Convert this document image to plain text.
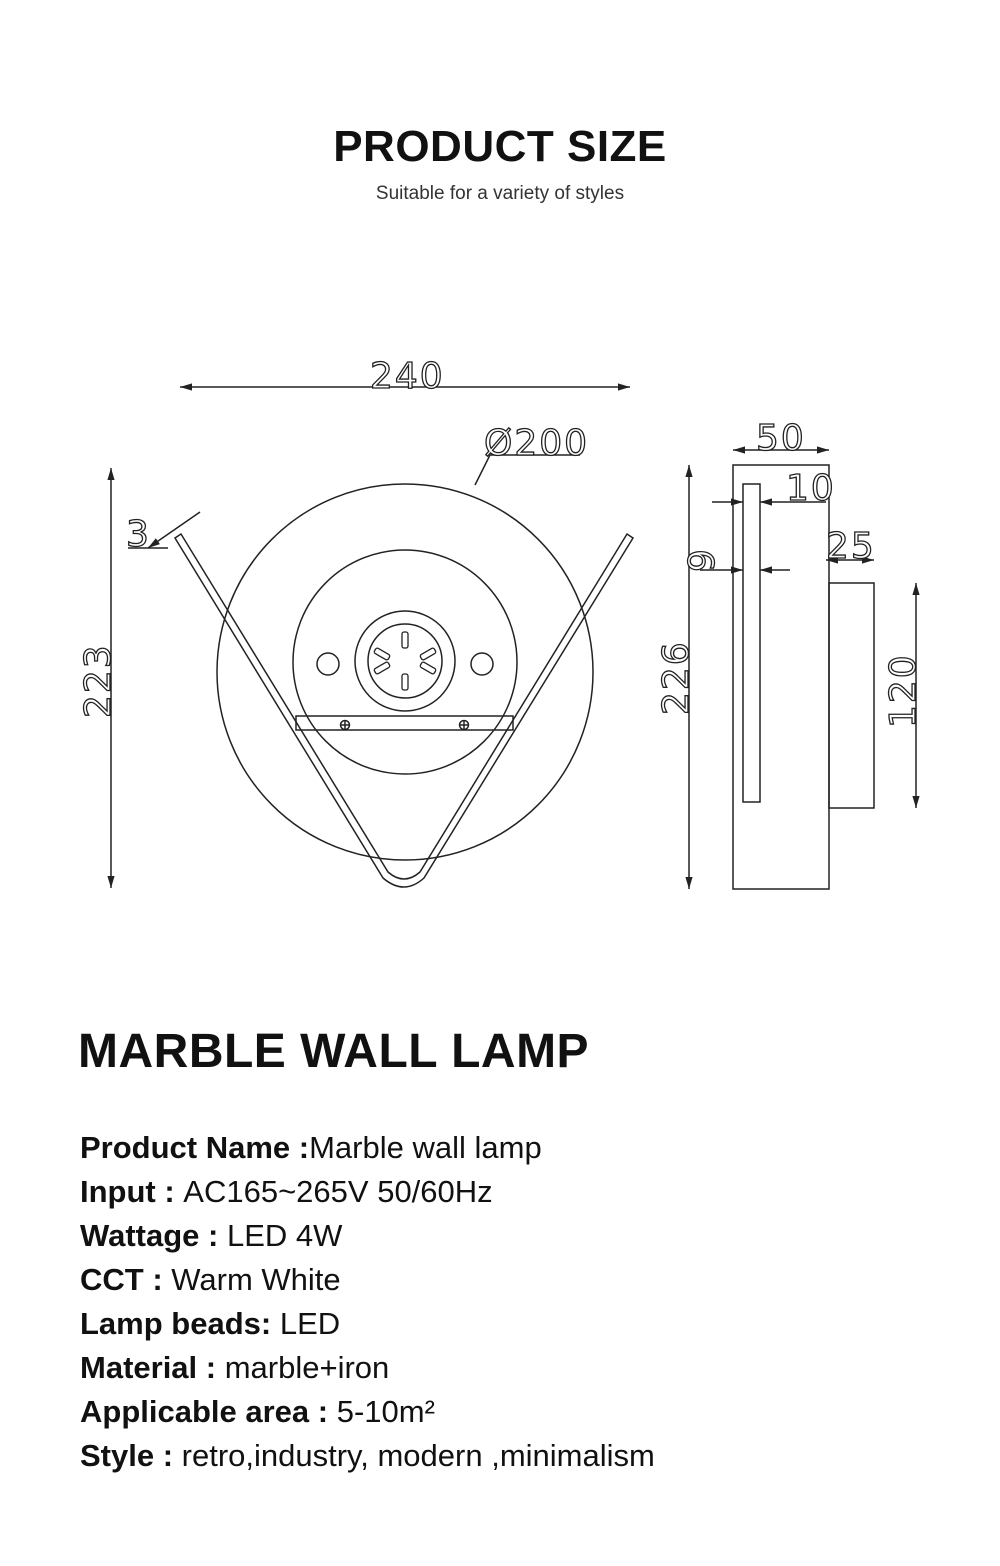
PRODUCT SIZE
Suitable for a variety of styles
240
Ø200
3
223
50
10
9	25
226	120
MARBLE WALL LAMP
Product Name :Marble wall lamp
Input : AC165~265V 50/60Hz
Wattage : LED 4W
CCT : Warm White
Lamp beads: LED
Material : marble+iron
Applicable area : 5-10m²
Style : retro,industry, modern ,minimalism
